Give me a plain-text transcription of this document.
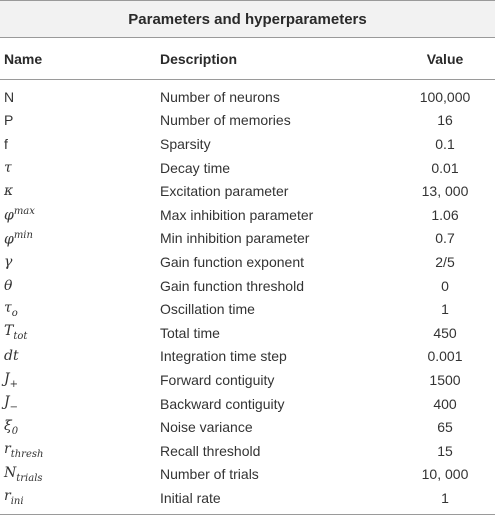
Parameters and hyperparameters
Name	Description	Value
N	Number of neurons	100,000
P	Number of memories	16
f	Sparsity	0.1
τ	Decay time	0.01
κ	Excitation parameter	13, 000
$\varphi^{max}$	Max inhibition parameter	1.06
$\varphi^{min}$	Min inhibition parameter	0.7
γ	Gain function exponent	2/5
θ	Gain function threshold	0
$\tau_o$	Oscillation time	1
$T_{tot}$	Total time	450
dt	Integration time step	0.001
$J_+$	Forward contiguity	1500
$J_-$	Backward contiguity	400
$\xi_0$	Noise variance	65
$r_{thresh}$	Recall threshold	15
$N_{trials}$	Number of trials	10, 000
$r_{ini}$	Initial rate	1
